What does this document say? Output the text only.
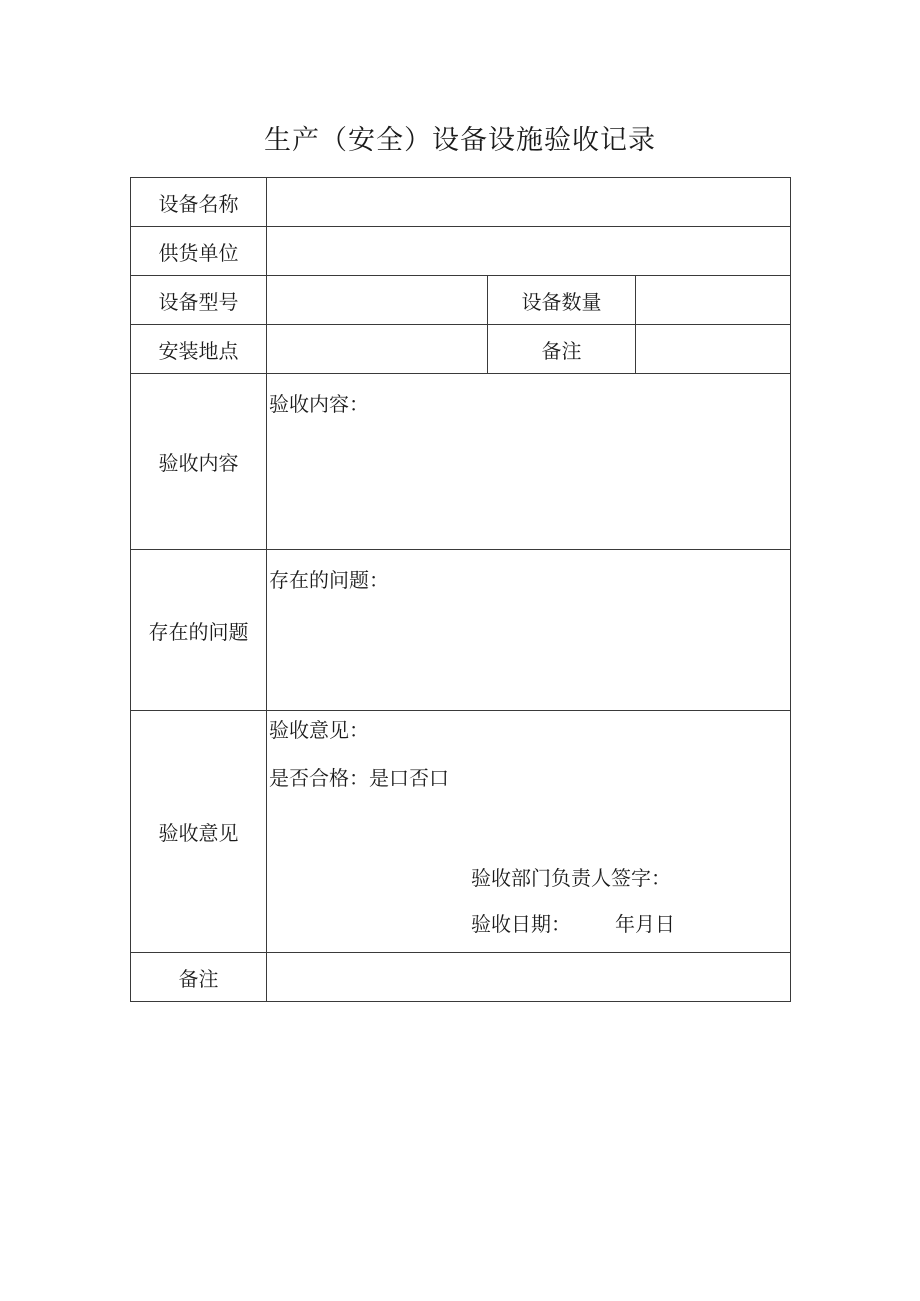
生产（安全）设备设施验收记录
设备名称			
供货单位			
设备型号		设备数量	
安装地点		备注	
验收内容	验收内容：		

存在的问题	存在的问题：		

验收意见	验收意见：
是否合格：是口否口
验收部门负责人签字：
验收日期： 年月日		

备注			
